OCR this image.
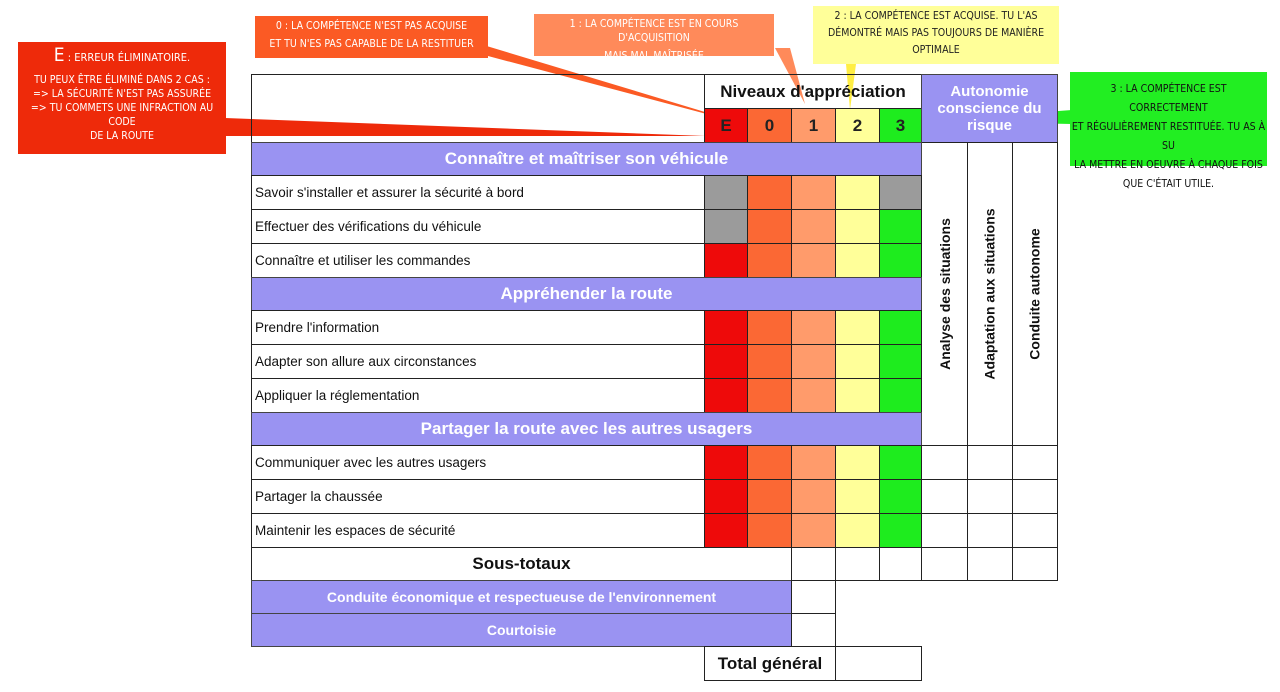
E : ERREUR ÉLIMINATOIRE.
TU PEUX ÊTRE ÉLIMINÉ DANS 2 CAS :
=> LA SÉCURITÉ N'EST PAS ASSURÉE
=> TU COMMETS UNE INFRACTION AU CODE
DE LA ROUTE
0 : LA COMPÉTENCE N'EST PAS ACQUISE
ET TU N'ES PAS CAPABLE DE LA RESTITUER
1 : LA COMPÉTENCE EST EN COURS D'ACQUISITION
MAIS MAL MAÎTRISÉE
2 : LA COMPÉTENCE EST ACQUISE. TU L'AS
DÉMONTRÉ MAIS PAS TOUJOURS DE MANIÈRE
OPTIMALE
3 : LA COMPÉTENCE EST CORRECTEMENT
ET RÉGULIÈREMENT RESTITUÉE. TU AS À SU
LA METTRE EN OEUVRE À CHAQUE FOIS
QUE C'ÉTAIT UTILE.
Niveaux d'appréciation
E 0 1 2 3
Autonomie conscience du risque
Analyse des situations Adaptation aux situations Conduite autonome
Connaître et maîtriser son véhicule
Savoir s'installer et assurer la sécurité à bord
Effectuer des vérifications du véhicule
Connaître et utiliser les commandes
Appréhender la route
Prendre l'information
Adapter son allure aux circonstances
Appliquer la réglementation
Partager la route avec les autres usagers
Communiquer avec les autres usagers
Partager la chaussée
Maintenir les espaces de sécurité
Sous-totaux
Conduite économique et respectueuse de l'environnement
Courtoisie
Total général
